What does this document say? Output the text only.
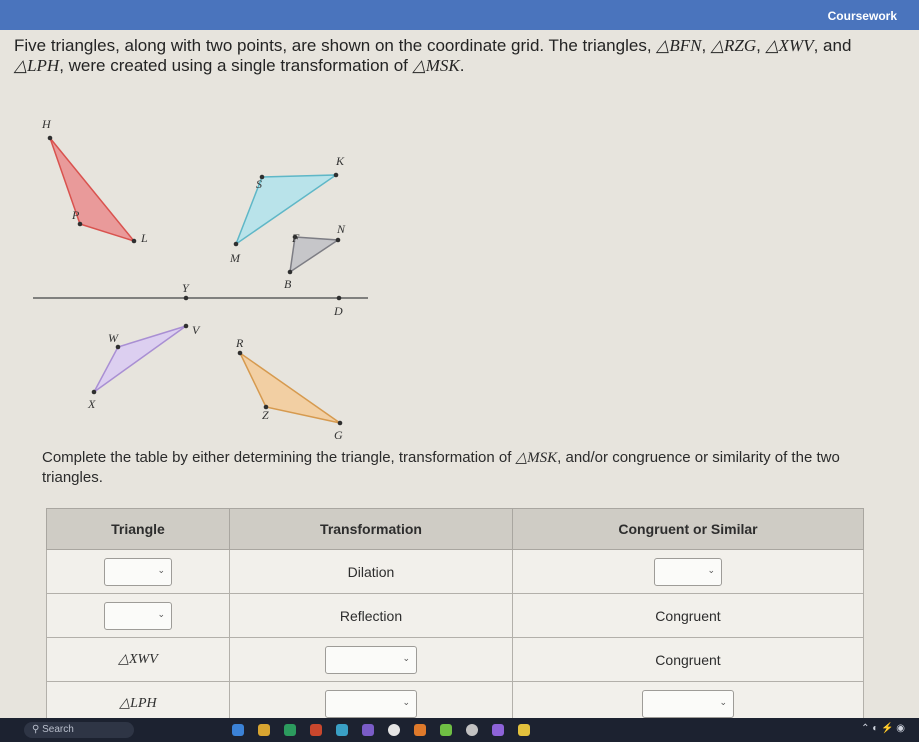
Coursework
Five triangles, along with two points, are shown on the coordinate grid. The triangles, △BFN, △RZG, △XWV, and △LPH, were created using a single transformation of △MSK.
H
P
L
K
S
M
N
F
B
Y
D
W
V
X
R
Z
G
Complete the table by either determining the triangle, transformation of △MSK, and/or congruence or similarity of the two triangles.
Triangle	Transformation	Congruent or Similar

⌄	Dilation	⌄

⌄	Reflection	Congruent
△XWV	⌄	Congruent
△LPH	⌄	⌄
⚲ Search	⌃ ◐ ⚡ ◉
